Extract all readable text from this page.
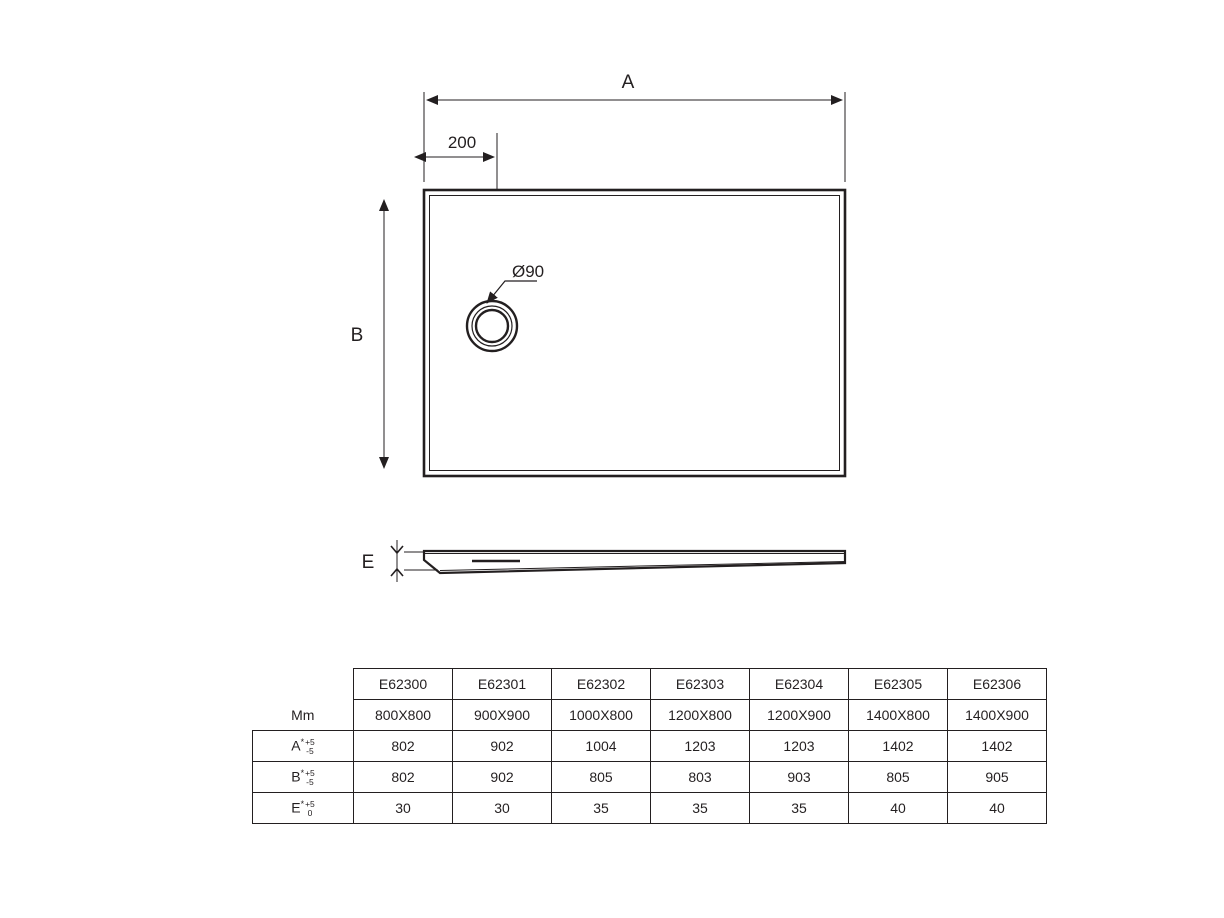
A
200
B
Ø90
E
	E62300	E62301	E62302	E62303	E62304	E62305	E62306
Mm	800X800	900X900	1000X800	1200X800	1200X900	1400X800	1400X900
A* +5
-5	802	902	1004	1203	1203	1402	1402
B* +5
-5	802	902	805	803	903	805	905
E* +5
0	30	30	35	35	35	40	40
